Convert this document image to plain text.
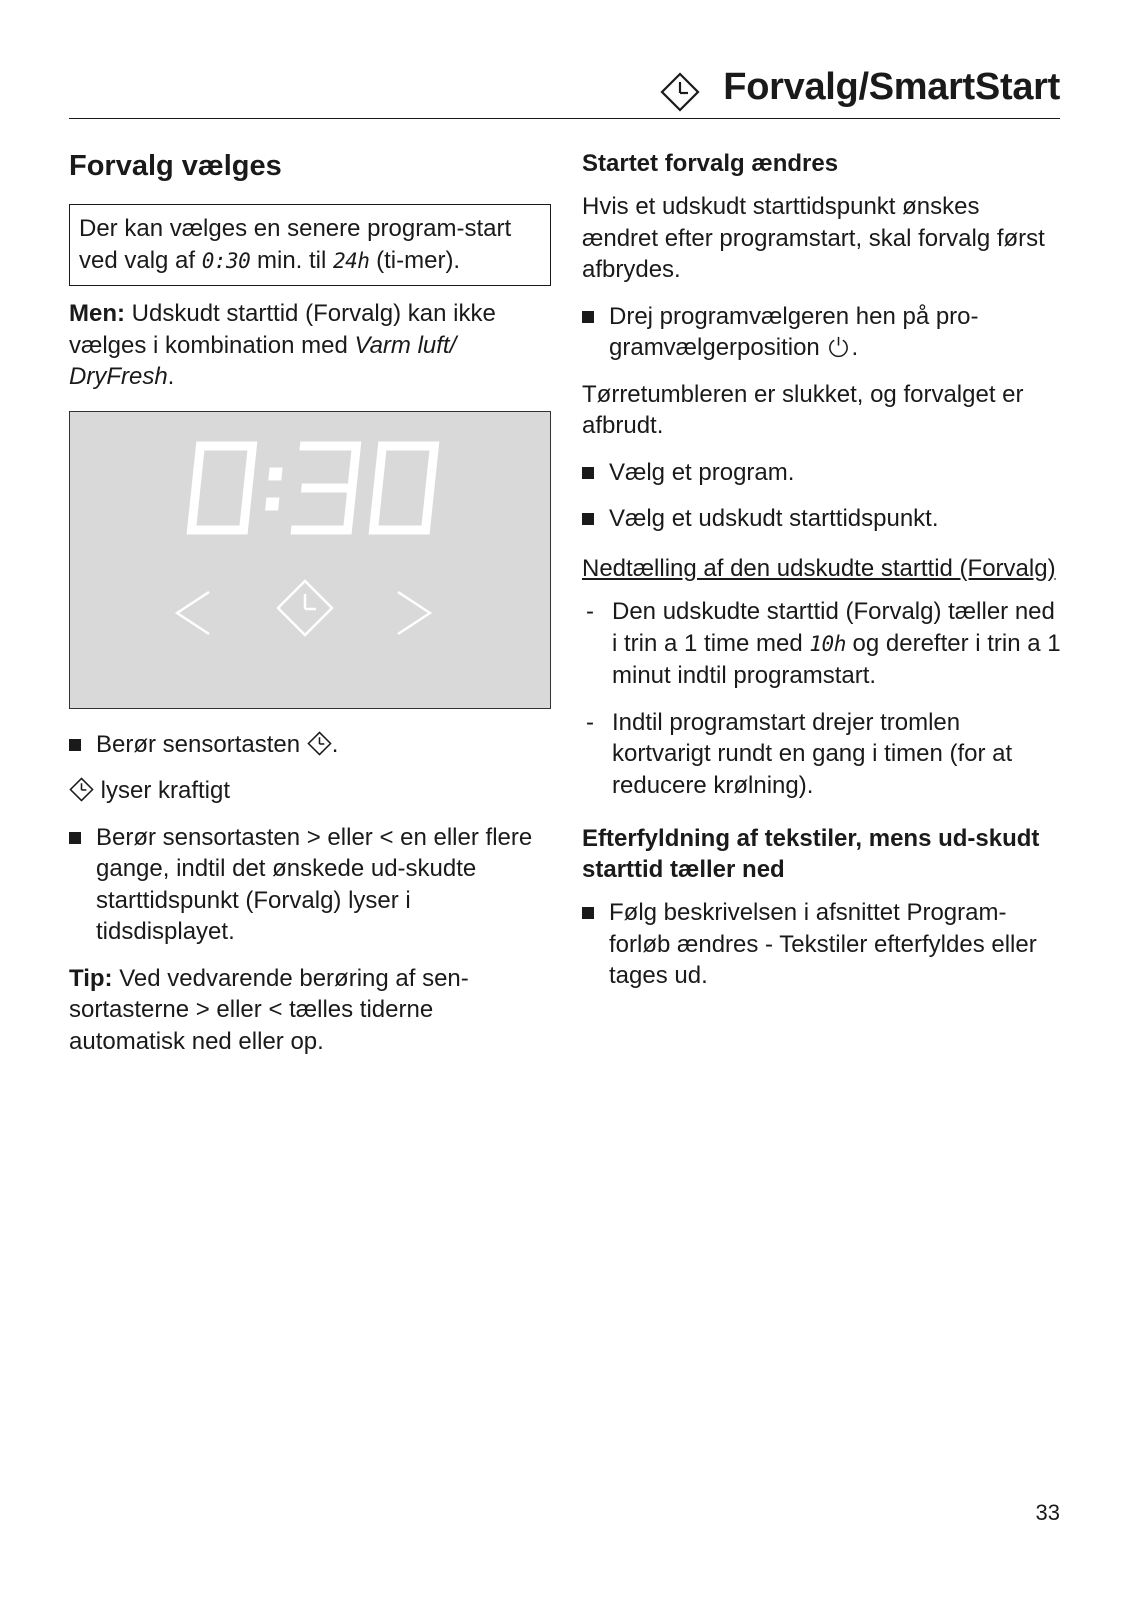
Forvalg/SmartStart
Forvalg vælges
Der kan vælges en senere program-start ved valg af 0:30 min. til 24h (ti-mer).

Men: Udskudt starttid (Forvalg) kan ikke vælges i kombination med Varm luft/ DryFresh.

Berør sensortasten
.

lyser kraftigt

Berør sensortasten > eller < en eller flere gange, indtil det ønskede ud-skudte starttidspunkt (Forvalg) lyser i tidsdisplayet.

Tip: Ved vedvarende berøring af sen-sortasterne > eller < tælles tiderne automatisk ned eller op.

Startet forvalg ændres

Hvis et udskudt starttidspunkt ønskes ændret efter programstart, skal forvalg først afbrydes.

Drej programvælgeren hen på pro-gramvælgerposition
.

Tørretumbleren er slukket, og forvalget er afbrudt.

Vælg et program.
Vælg et udskudt starttidspunkt.
Nedtælling af den udskudte starttid (Forvalg)
- Den udskudte starttid (Forvalg) tæller ned i trin a 1 time med 10h og derefter i trin a 1 minut indtil programstart.
- Indtil programstart drejer tromlen kortvarigt rundt en gang i timen (for at reducere krølning).
Efterfyldning af tekstiler, mens ud-skudt starttid tæller ned
Følg beskrivelsen i afsnittet Program-forløb ændres - Tekstiler efterfyldes eller tages ud.
33
